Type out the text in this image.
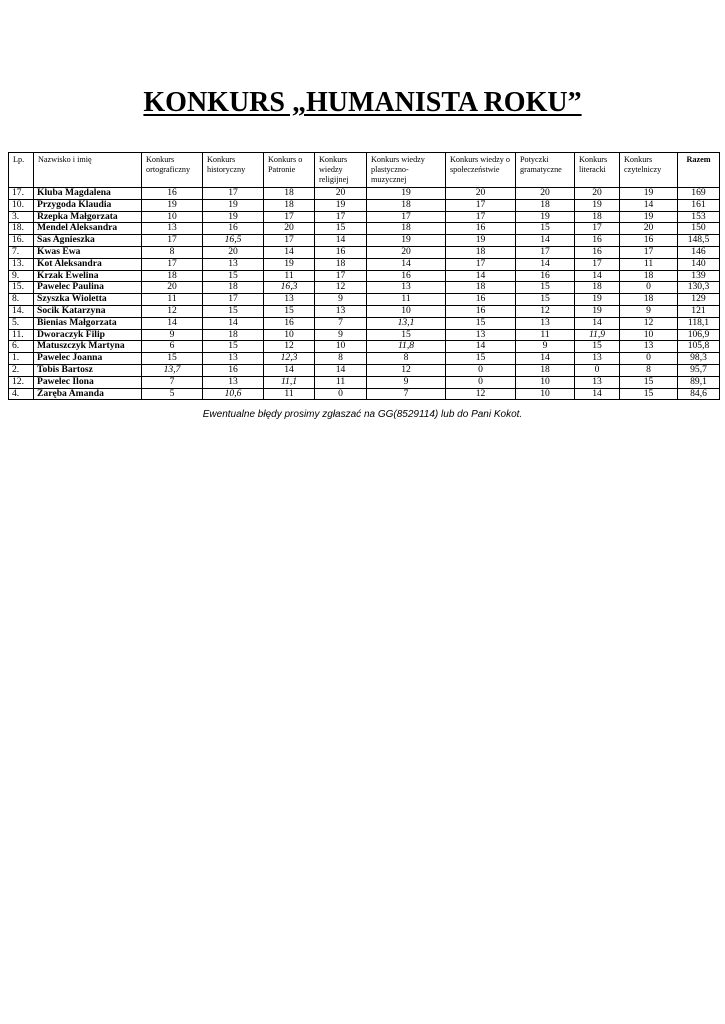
KONKURS „HUMANISTA ROKU”
Lp.	Nazwisko i imię	Konkurs ortograficzny	Konkurs historyczny	Konkurs o Patronie	Konkurs wiedzy religijnej	Konkurs wiedzy plastyczno-muzycznej	Konkurs wiedzy o społeczeństwie	Potyczki gramatyczne	Konkurs literacki	Konkurs czytelniczy	Razem
17.	Kluba Magdalena	16	17	18	20	19	20	20	20	19	169
10.	Przygoda Klaudia	19	19	18	19	18	17	18	19	14	161
3.	Rzepka Małgorzata	10	19	17	17	17	17	19	18	19	153
18.	Mendel Aleksandra	13	16	20	15	18	16	15	17	20	150
16.	Sas Agnieszka	17	16,5	17	14	19	19	14	16	16	148,5
7.	Kwas Ewa	8	20	14	16	20	18	17	16	17	146
13.	Kot Aleksandra	17	13	19	18	14	17	14	17	11	140
9.	Krzak Ewelina	18	15	11	17	16	14	16	14	18	139
15.	Pawelec Paulina	20	18	16,3	12	13	18	15	18	0	130,3
8.	Szyszka Wioletta	11	17	13	9	11	16	15	19	18	129
14.	Socik Katarzyna	12	15	15	13	10	16	12	19	9	121
5.	Bienias Małgorzata	14	14	16	7	13,1	15	13	14	12	118,1
11.	Dworaczyk Filip	9	18	10	9	15	13	11	11,9	10	106,9
6.	Matuszczyk Martyna	6	15	12	10	11,8	14	9	15	13	105,8
1.	Pawelec Joanna	15	13	12,3	8	8	15	14	13	0	98,3
2.	Tobis Bartosz	13,7	16	14	14	12	0	18	0	8	95,7
12.	Pawelec Ilona	7	13	11,1	11	9	0	10	13	15	89,1
4.	Zaręba Amanda	5	10,6	11	0	7	12	10	14	15	84,6
Ewentualne błędy prosimy zgłaszać na GG(8529114) lub do Pani Kokot.
